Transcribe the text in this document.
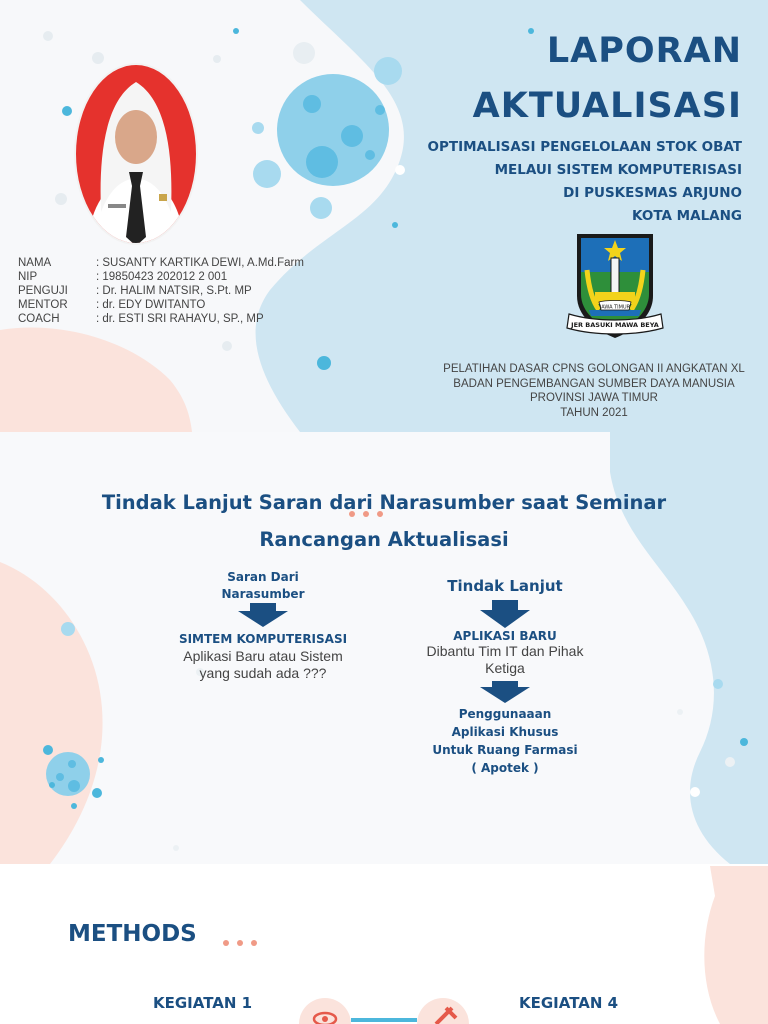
LAPORAN
AKTUALISASI
OPTIMALISASI PENGELOLAAN STOK OBAT
MELAUI SISTEM KOMPUTERISASI
DI PUSKESMAS ARJUNO
KOTA MALANG
JAWA TIMUR
JER BASUKI MAWA BEYA
NAMA	: SUSANTY KARTIKA DEWI, A.Md.Farm
NIP	: 19850423 202012 2 001
PENGUJI	: Dr. HALIM NATSIR, S.Pt. MP
MENTOR	: dr. EDY DWITANTO
COACH	: dr. ESTI SRI RAHAYU, SP., MP
PELATIHAN DASAR CPNS GOLONGAN II ANGKATAN XL
BADAN PENGEMBANGAN SUMBER DAYA MANUSIA
PROVINSI JAWA TIMUR
TAHUN 2021
Tindak Lanjut Saran dari Narasumber saat Seminar
Rancangan Aktualisasi
Saran Dari Narasumber
SIMTEM KOMPUTERISASI
Aplikasi Baru atau Sistem yang sudah ada ???
Tindak Lanjut
APLIKASI BARU
Dibantu Tim IT dan Pihak Ketiga
Penggunaaan Aplikasi Khusus Untuk Ruang Farmasi ( Apotek )
METHODS
KEGIATAN 1	KEGIATAN 4
